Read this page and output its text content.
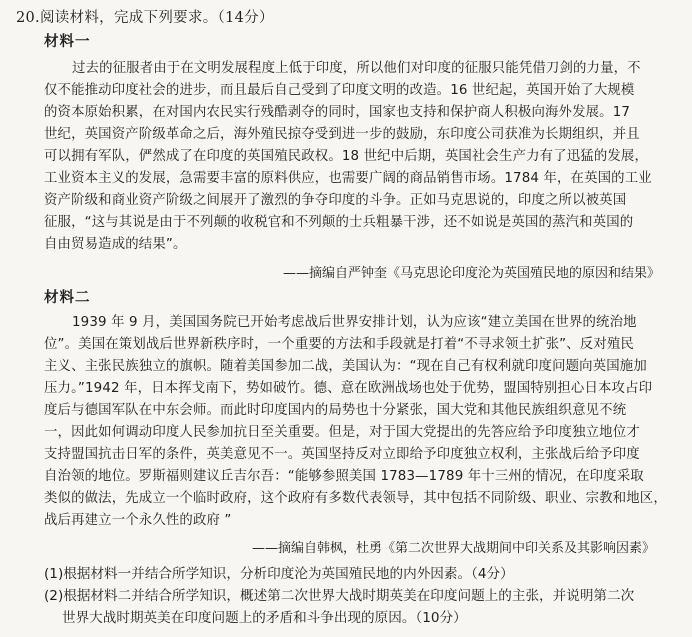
20.阅读材料，完成下列要求。（14分）
材料一
过去的征服者由于在文明发展程度上低于印度，所以他们对印度的征服只能凭借刀剑的力量，不
仅不能推动印度社会的进步，而且最后自己受到了印度文明的改造。16 世纪起，英国开始了大规模
的资本原始积累，在对国内农民实行残酷剥夺的同时，国家也支持和保护商人积极向海外发展。17
世纪，英国资产阶级革命之后，海外殖民掠夺受到进一步的鼓励，东印度公司获准为长期组织，并且
可以拥有军队，俨然成了在印度的英国殖民政权。18 世纪中后期，英国社会生产力有了迅猛的发展，
工业资本主义的发展，急需要丰富的原料供应，也需要广阔的商品销售市场。1784 年，在英国的工业
资产阶级和商业资产阶级之间展开了激烈的争夺印度的斗争。正如马克思说的，印度之所以被英国
征服，“这与其说是由于不列颠的收税官和不列颠的士兵粗暴干涉，还不如说是英国的蒸汽和英国的
自由贸易造成的结果”。
——摘编自严钟奎《马克思论印度沦为英国殖民地的原因和结果》
材料二
1939 年 9 月，美国国务院已开始考虑战后世界安排计划，认为应该“建立美国在世界的统治地
位”。美国在策划战后世界新秩序时，一个重要的方法和手段就是打着“不寻求领土扩张”、反对殖民
主义、主张民族独立的旗帜。随着美国参加二战，美国认为：“现在自己有权利就印度问题向英国施加
压力。”1942 年，日本挥戈南下，势如破竹。德、意在欧洲战场也处于优势，盟国特别担心日本攻占印
度后与德国军队在中东会师。而此时印度国内的局势也十分紧张，国大党和其他民族组织意见不统
一，因此如何调动印度人民参加抗日至关重要。但是，对于国大党提出的先答应给予印度独立地位才
支持盟国抗击日军的条件，英美意见不一。英国坚持反对立即给予印度独立权利，主张战后给予印度
自治领的地位。罗斯福则建议丘吉尔吾：“能够参照美国 1783—1789 年十三州的情况，在印度采取
类似的做法，先成立一个临时政府，这个政府有多数代表领导，其中包括不同阶级、职业、宗教和地区，
战后再建立一个永久性的政府 ”
——摘编自韩枫，杜勇《第二次世界大战期间中印关系及其影响因素》
(1)根据材料一并结合所学知识，分析印度沦为英国殖民地的内外因素。（4分）
(2)根据材料二并结合所学知识，概述第二次世界大战时期英美在印度问题上的主张，并说明第二次
世界大战时期英美在印度问题上的矛盾和斗争出现的原因。（10分）
